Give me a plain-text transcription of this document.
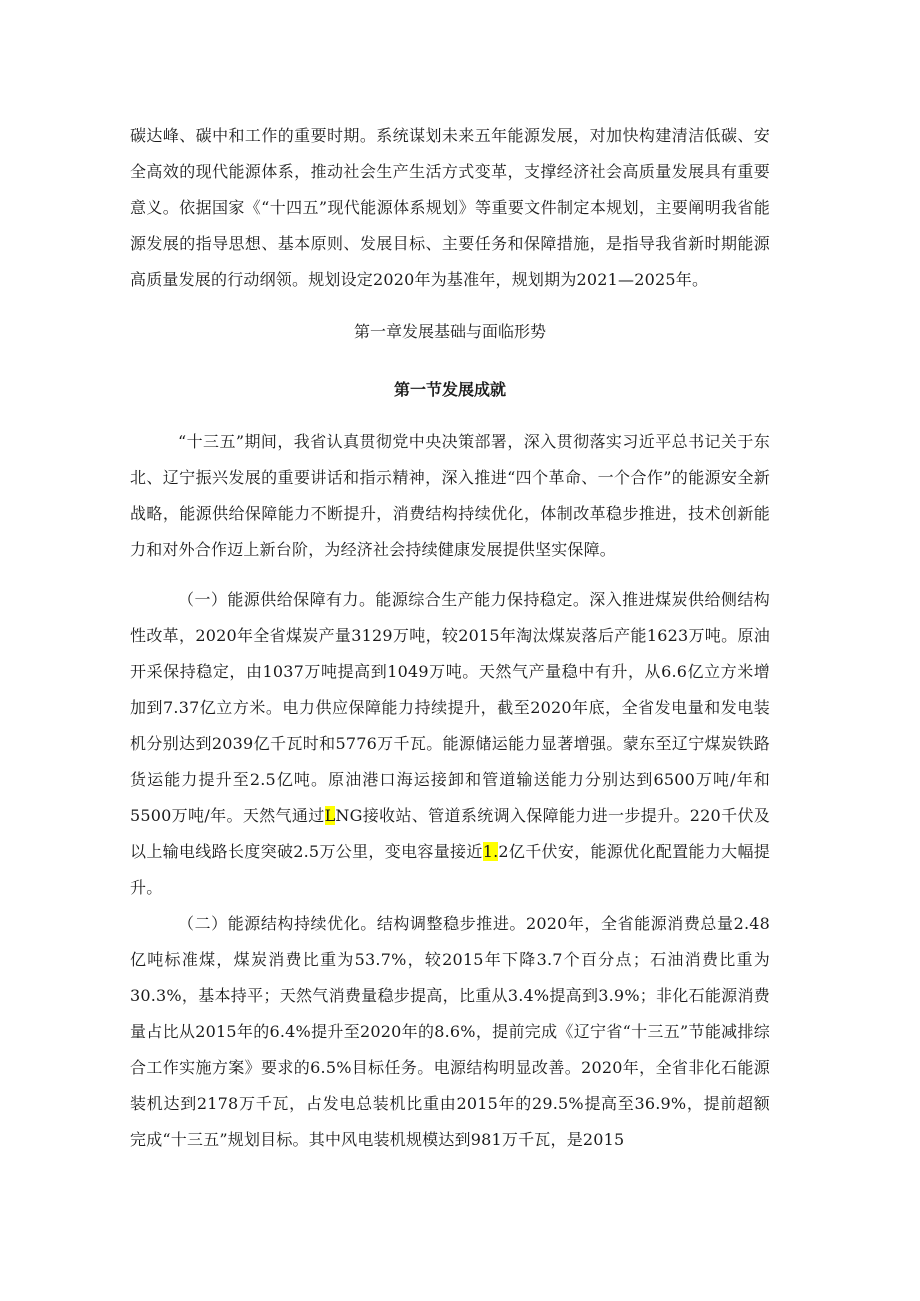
碳达峰、碳中和工作的重要时期。系统谋划未来五年能源发展，对加快构建清洁低碳、安全高效的现代能源体系，推动社会生产生活方式变革，支撑经济社会高质量发展具有重要意义。依据国家《“十四五”现代能源体系规划》等重要文件制定本规划，主要阐明我省能源发展的指导思想、基本原则、发展目标、主要任务和保障措施，是指导我省新时期能源高质量发展的行动纲领。规划设定2020年为基准年，规划期为2021—2025年。

第一章发展基础与面临形势

第一节发展成就

“十三五”期间，我省认真贯彻党中央决策部署，深入贯彻落实习近平总书记关于东北、辽宁振兴发展的重要讲话和指示精神，深入推进“四个革命、一个合作”的能源安全新战略，能源供给保障能力不断提升，消费结构持续优化，体制改革稳步推进，技术创新能力和对外合作迈上新台阶，为经济社会持续健康发展提供坚实保障。

（一）能源供给保障有力。能源综合生产能力保持稳定。深入推进煤炭供给侧结构性改革，2020年全省煤炭产量3129万吨，较2015年淘汰煤炭落后产能1623万吨。原油开采保持稳定，由1037万吨提高到1049万吨。天然气产量稳中有升，从6.6亿立方米增加到7.37亿立方米。电力供应保障能力持续提升，截至2020年底，全省发电量和发电装机分别达到2039亿千瓦时和5776万千瓦。能源储运能力显著增强。蒙东至辽宁煤炭铁路货运能力提升至2.5亿吨。原油港口海运接卸和管道输送能力分别达到6500万吨/年和5500万吨/年。天然气通过LNG接收站、管道系统调入保障能力进一步提升。220千伏及以上输电线路长度突破2.5万公里，变电容量接近1.2亿千伏安，能源优化配置能力大幅提升。

（二）能源结构持续优化。结构调整稳步推进。2020年，全省能源消费总量2.48亿吨标准煤，煤炭消费比重为53.7%，较2015年下降3.7个百分点；石油消费比重为30.3%，基本持平；天然气消费量稳步提高，比重从3.4%提高到3.9%；非化石能源消费量占比从2015年的6.4%提升至2020年的8.6%，提前完成《辽宁省“十三五”节能减排综合工作实施方案》要求的6.5%目标任务。电源结构明显改善。2020年，全省非化石能源装机达到2178万千瓦，占发电总装机比重由2015年的29.5%提高至36.9%，提前超额完成“十三五”规划目标。其中风电装机规模达到981万千瓦，是2015
